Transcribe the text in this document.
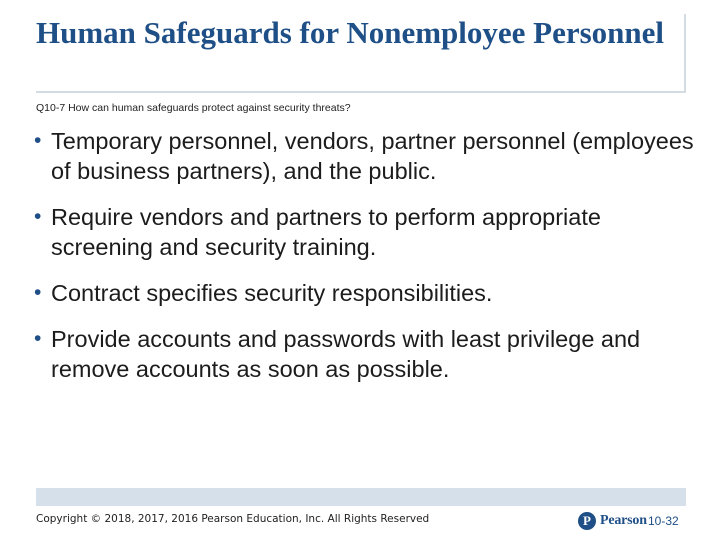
Human Safeguards for Nonemployee Personnel

Q10-7 How can human safeguards protect against security threats?

• Temporary personnel, vendors, partner personnel (employees of business partners), and the public.
• Require vendors and partners to perform appropriate screening and security training.
• Contract specifies security responsibilities.
• Provide accounts and passwords with least privilege and remove accounts as soon as possible.
Copyright © 2018, 2017, 2016 Pearson Education, Inc. All Rights Reserved	P Pearson 10-32
